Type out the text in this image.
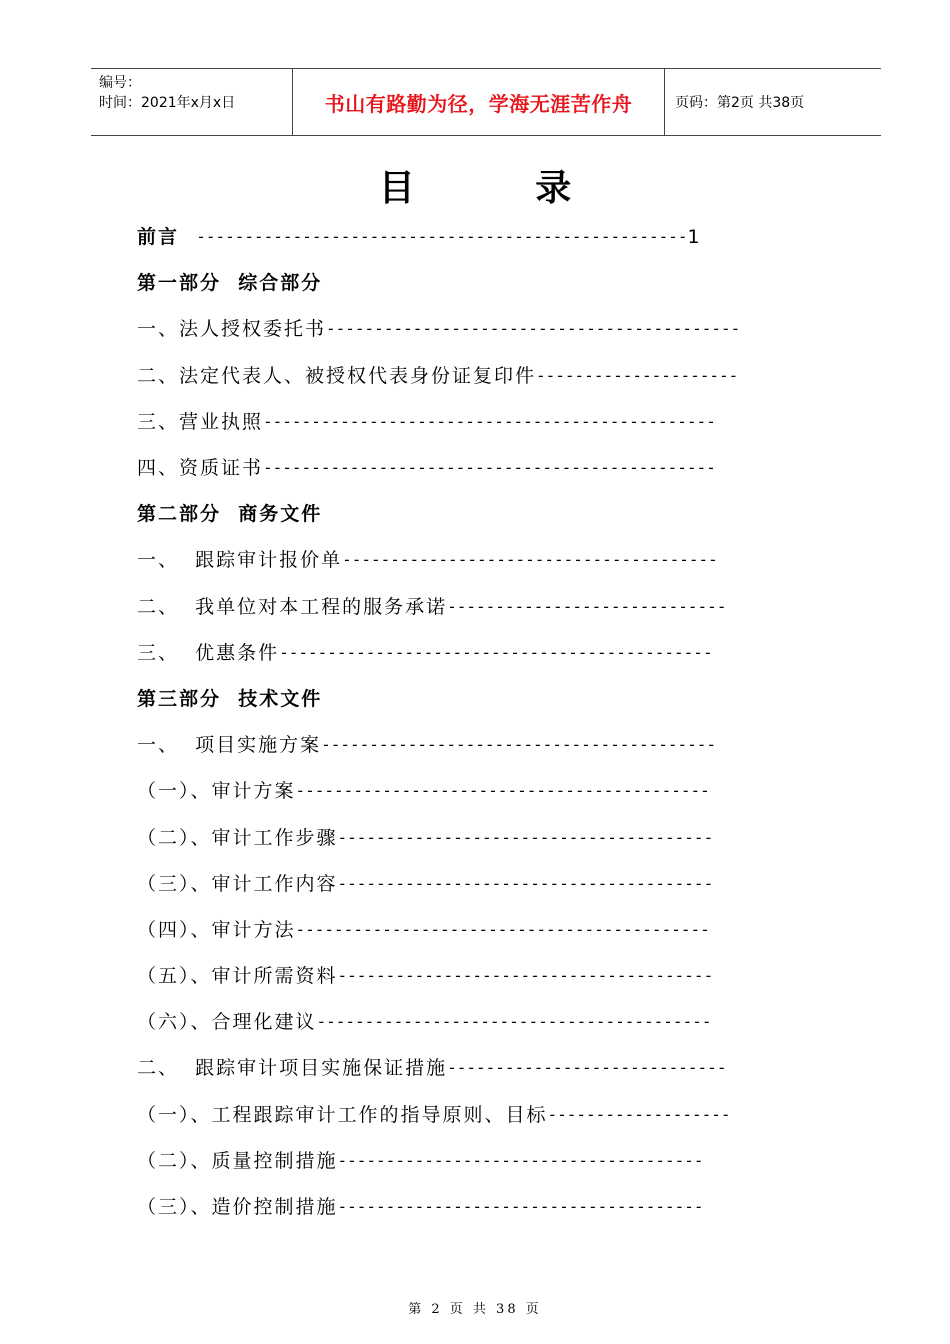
编号：
时间：2021年x月x日	书山有路勤为径，学海无涯苦作舟	页码：第2页 共38页
目 录
前言 --------------------------------------------------- 1
第一部分  综合部分
一、法人授权委托书 -------------------------------------------
二、法定代表人、被授权代表身份证复印件 ---------------------
三、营业执照 -----------------------------------------------
四、资质证书 -----------------------------------------------
第二部分  商务文件
一、  跟踪审计报价单 ---------------------------------------
二、  我单位对本工程的服务承诺 -----------------------------
三、  优惠条件 ---------------------------------------------
第三部分  技术文件
一、  项目实施方案 -----------------------------------------
（一）、审计方案 -------------------------------------------
（二）、审计工作步骤 ---------------------------------------
（三）、审计工作内容 ---------------------------------------
（四）、审计方法 -------------------------------------------
（五）、审计所需资料 ---------------------------------------
（六）、合理化建议 -----------------------------------------
二、  跟踪审计项目实施保证措施 -----------------------------
（一）、工程跟踪审计工作的指导原则、目标 -------------------
（二）、质量控制措施 --------------------------------------
（三）、造价控制措施 --------------------------------------
第 2 页 共 38 页
